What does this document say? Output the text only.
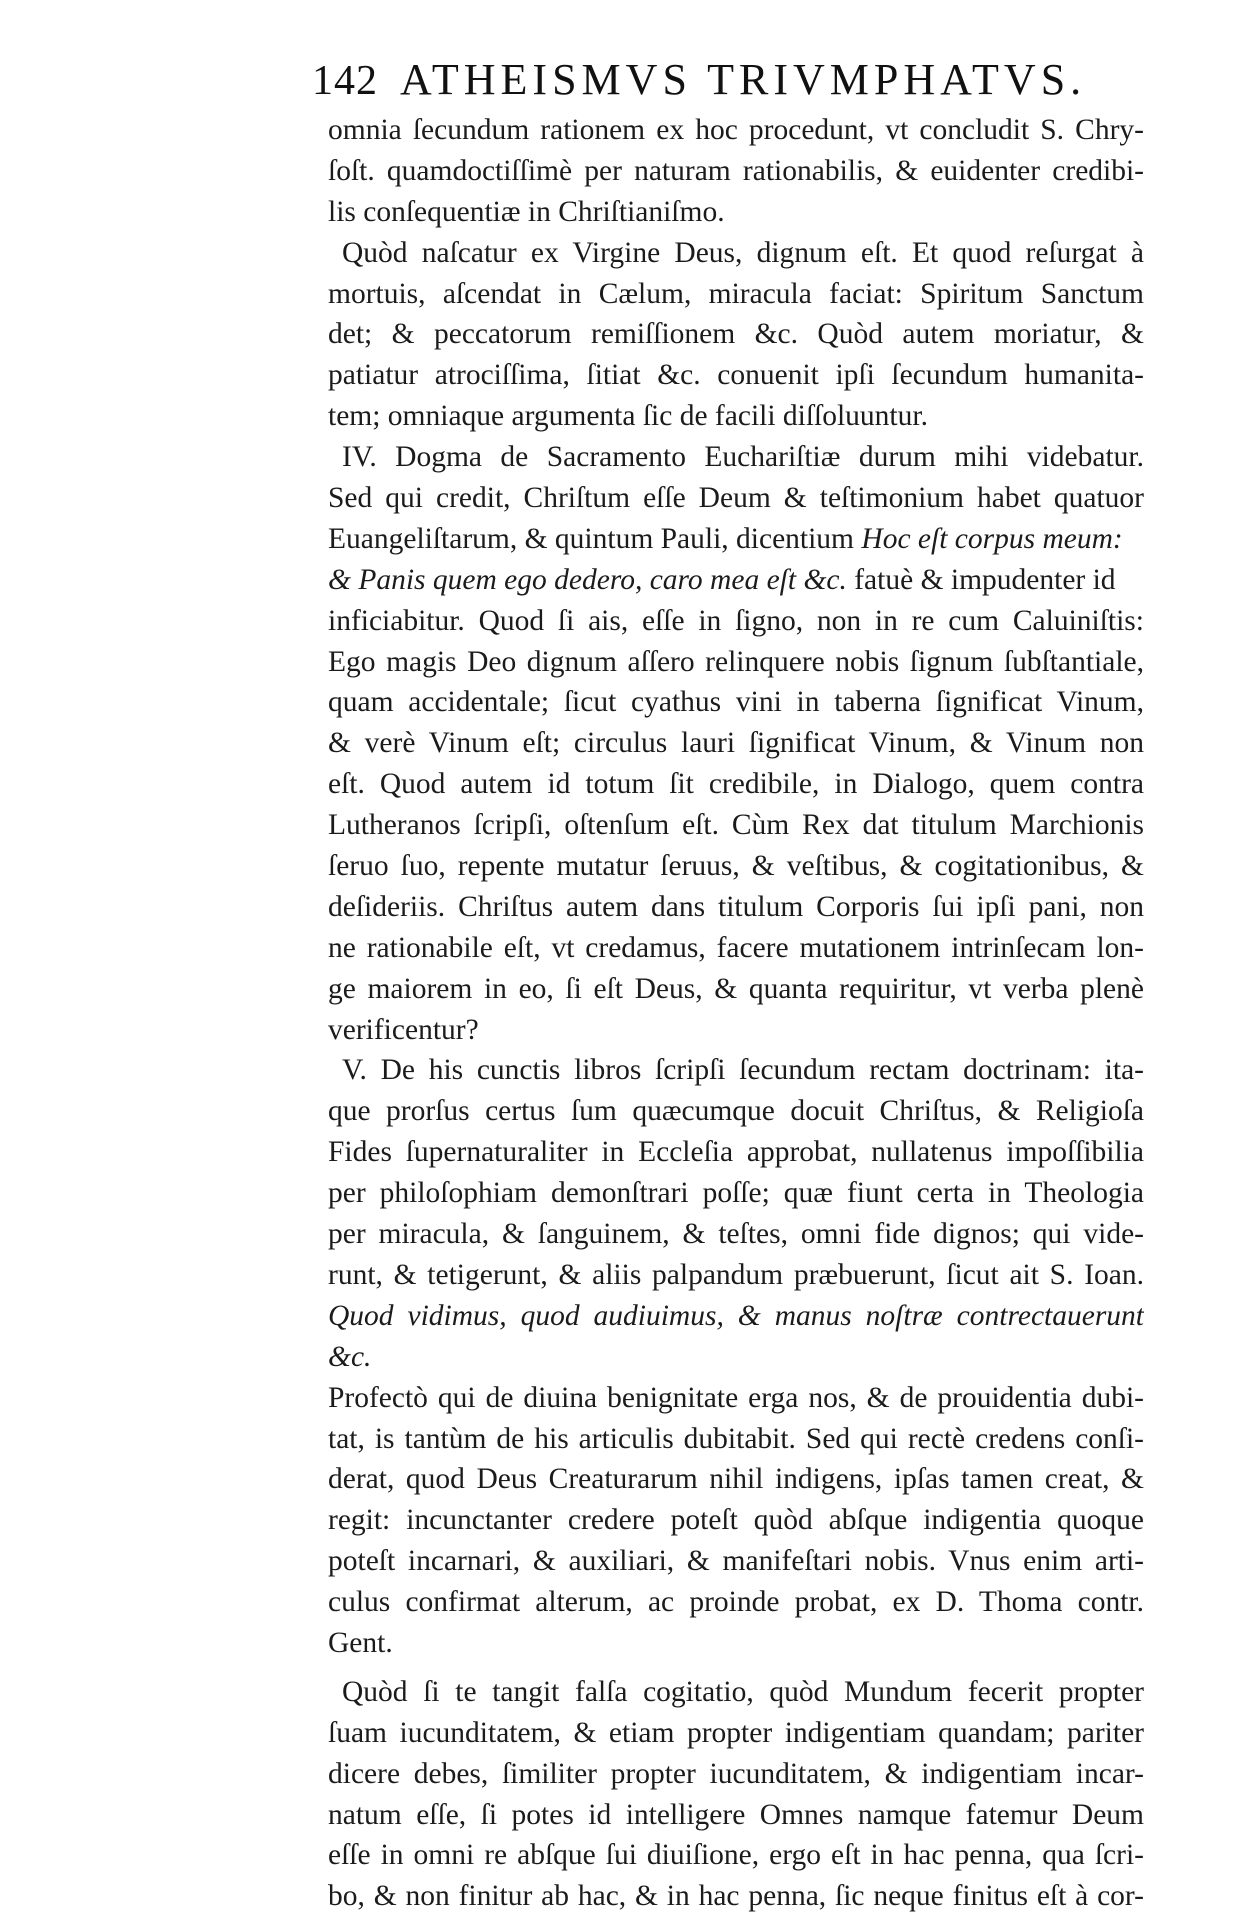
142 ATHEISMVS TRIVMPHATVS.
omnia ſecundum rationem ex hoc procedunt, vt concludit S. Chry-
ſoſt. quamdoctiſſimè per naturam rationabilis, & euidenter credibi-
lis conſequentiæ in Chriſtianiſmo.
Quòd naſcatur ex Virgine Deus, dignum eſt. Et quod reſurgat à
mortuis, aſcendat in Cælum, miracula faciat: Spiritum Sanctum
det; & peccatorum remiſſionem &c. Quòd autem moriatur, &
patiatur atrociſſima, ſitiat &c. conuenit ipſi ſecundum humanita-
tem; omniaque argumenta ſic de facili diſſoluuntur.
IV. Dogma de Sacramento Euchariſtiæ durum mihi videbatur.
Sed qui credit, Chriſtum eſſe Deum & teſtimonium habet quatuor
Euangeliſtarum, & quintum Pauli, dicentium Hoc eſt corpus meum:
& Panis quem ego dedero, caro mea eſt &c. fatuè & impudenter id
inficiabitur. Quod ſi ais, eſſe in ſigno, non in re cum Caluiniſtis:
Ego magis Deo dignum aſſero relinquere nobis ſignum ſubſtantiale,
quam accidentale; ſicut cyathus vini in taberna ſignificat Vinum,
& verè Vinum eſt; circulus lauri ſignificat Vinum, & Vinum non
eſt. Quod autem id totum ſit credibile, in Dialogo, quem contra
Lutheranos ſcripſi, oſtenſum eſt. Cùm Rex dat titulum Marchionis
ſeruo ſuo, repente mutatur ſeruus, & veſtibus, & cogitationibus, &
deſideriis. Chriſtus autem dans titulum Corporis ſui ipſi pani, non
ne rationabile eſt, vt credamus, facere mutationem intrinſecam lon-
ge maiorem in eo, ſi eſt Deus, & quanta requiritur, vt verba plenè
verificentur?
V. De his cunctis libros ſcripſi ſecundum rectam doctrinam: ita-
que prorſus certus ſum quæcumque docuit Chriſtus, & Religioſa
Fides ſupernaturaliter in Eccleſia approbat, nullatenus impoſſibilia
per philoſophiam demonſtrari poſſe; quæ fiunt certa in Theologia
per miracula, & ſanguinem, & teſtes, omni fide dignos; qui vide-
runt, & tetigerunt, & aliis palpandum præbuerunt, ſicut ait S. Ioan.
Quod vidimus, quod audiuimus, & manus noſtræ contrectauerunt
&c.
Profectò qui de diuina benignitate erga nos, & de prouidentia dubi-
tat, is tantùm de his articulis dubitabit. Sed qui rectè credens conſi-
derat, quod Deus Creaturarum nihil indigens, ipſas tamen creat, &
regit: incunctanter credere poteſt quòd abſque indigentia quoque
poteſt incarnari, & auxiliari, & manifeſtari nobis. Vnus enim arti-
culus confirmat alterum, ac proinde probat, ex D. Thoma contr.
Gent.
Quòd ſi te tangit falſa cogitatio, quòd Mundum fecerit propter
ſuam iucunditatem, & etiam propter indigentiam quandam; pariter
dicere debes, ſimiliter propter iucunditatem, & indigentiam incar-
natum eſſe, ſi potes id intelligere Omnes namque fatemur Deum
eſſe in omni re abſque ſui diuiſione, ergo eſt in hac penna, qua ſcri-
bo, & non finitur ab hac, & in hac penna, ſic neque finitus eſt à cor-
